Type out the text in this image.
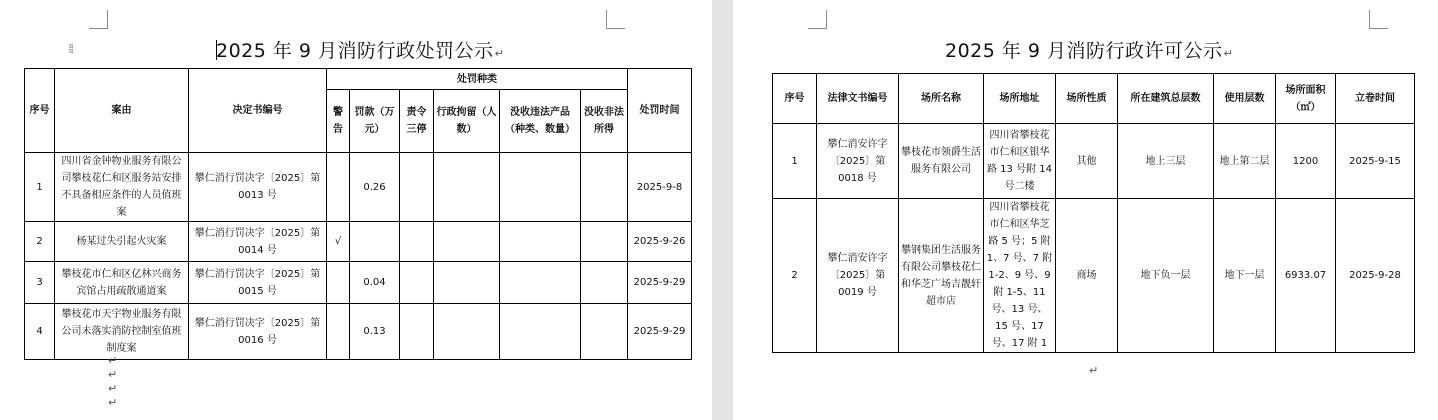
⁞⁞	2025 年 9 月消防行政处罚公示↵
序号	案由	决定书编号	处罚种类						处罚时间
			警告	罚款（万元）	责令三停	行政拘留（人数）	没收违法产品（种类、数量）	没收非法所得	
1	四川省金钟物业服务有限公司攀枝花仁和区服务站安排不具备相应条件的人员值班案	攀仁消行罚决字〔2025〕第 0013 号		0.26					2025-9-8
2	杨某过失引起火灾案	攀仁消行罚决字〔2025〕第 0014 号	√						2025-9-26
3	攀枝花市仁和区亿林兴商务宾馆占用疏散通道案	攀仁消行罚决字〔2025〕第 0015 号		0.04					2025-9-29
4	攀枝花市天宇物业服务有限公司未落实消防控制室值班制度案	攀仁消行罚决字〔2025〕第 0016 号		0.13					2025-9-29
↵
↵
↵
↵
2025 年 9 月消防行政许可公示↵
序号	法律文书编号	场所名称	场所地址	场所性质	所在建筑总层数	使用层数	场所面积（㎡）	立卷时间
1	攀仁消安许字〔2025〕第 0018 号	攀枝花市领爵生活服务有限公司	四川省攀枝花市仁和区银华路 13 号附 14 号二楼	其他	地上三层	地上第二层	1200	2025-9-15
2	攀仁消安许字〔2025〕第 0019 号	攀钢集团生活服务有限公司攀枝花仁和华芝广场吉靓轩超市店	四川省攀枝花市仁和区华芝路 5 号；5 附 1、7 号、7 附 1-2、9 号、9 附 1-5、11 号、13 号、15 号、17 号、17 附 1	商场	地下负一层	地下一层	6933.07	2025-9-28
↵
